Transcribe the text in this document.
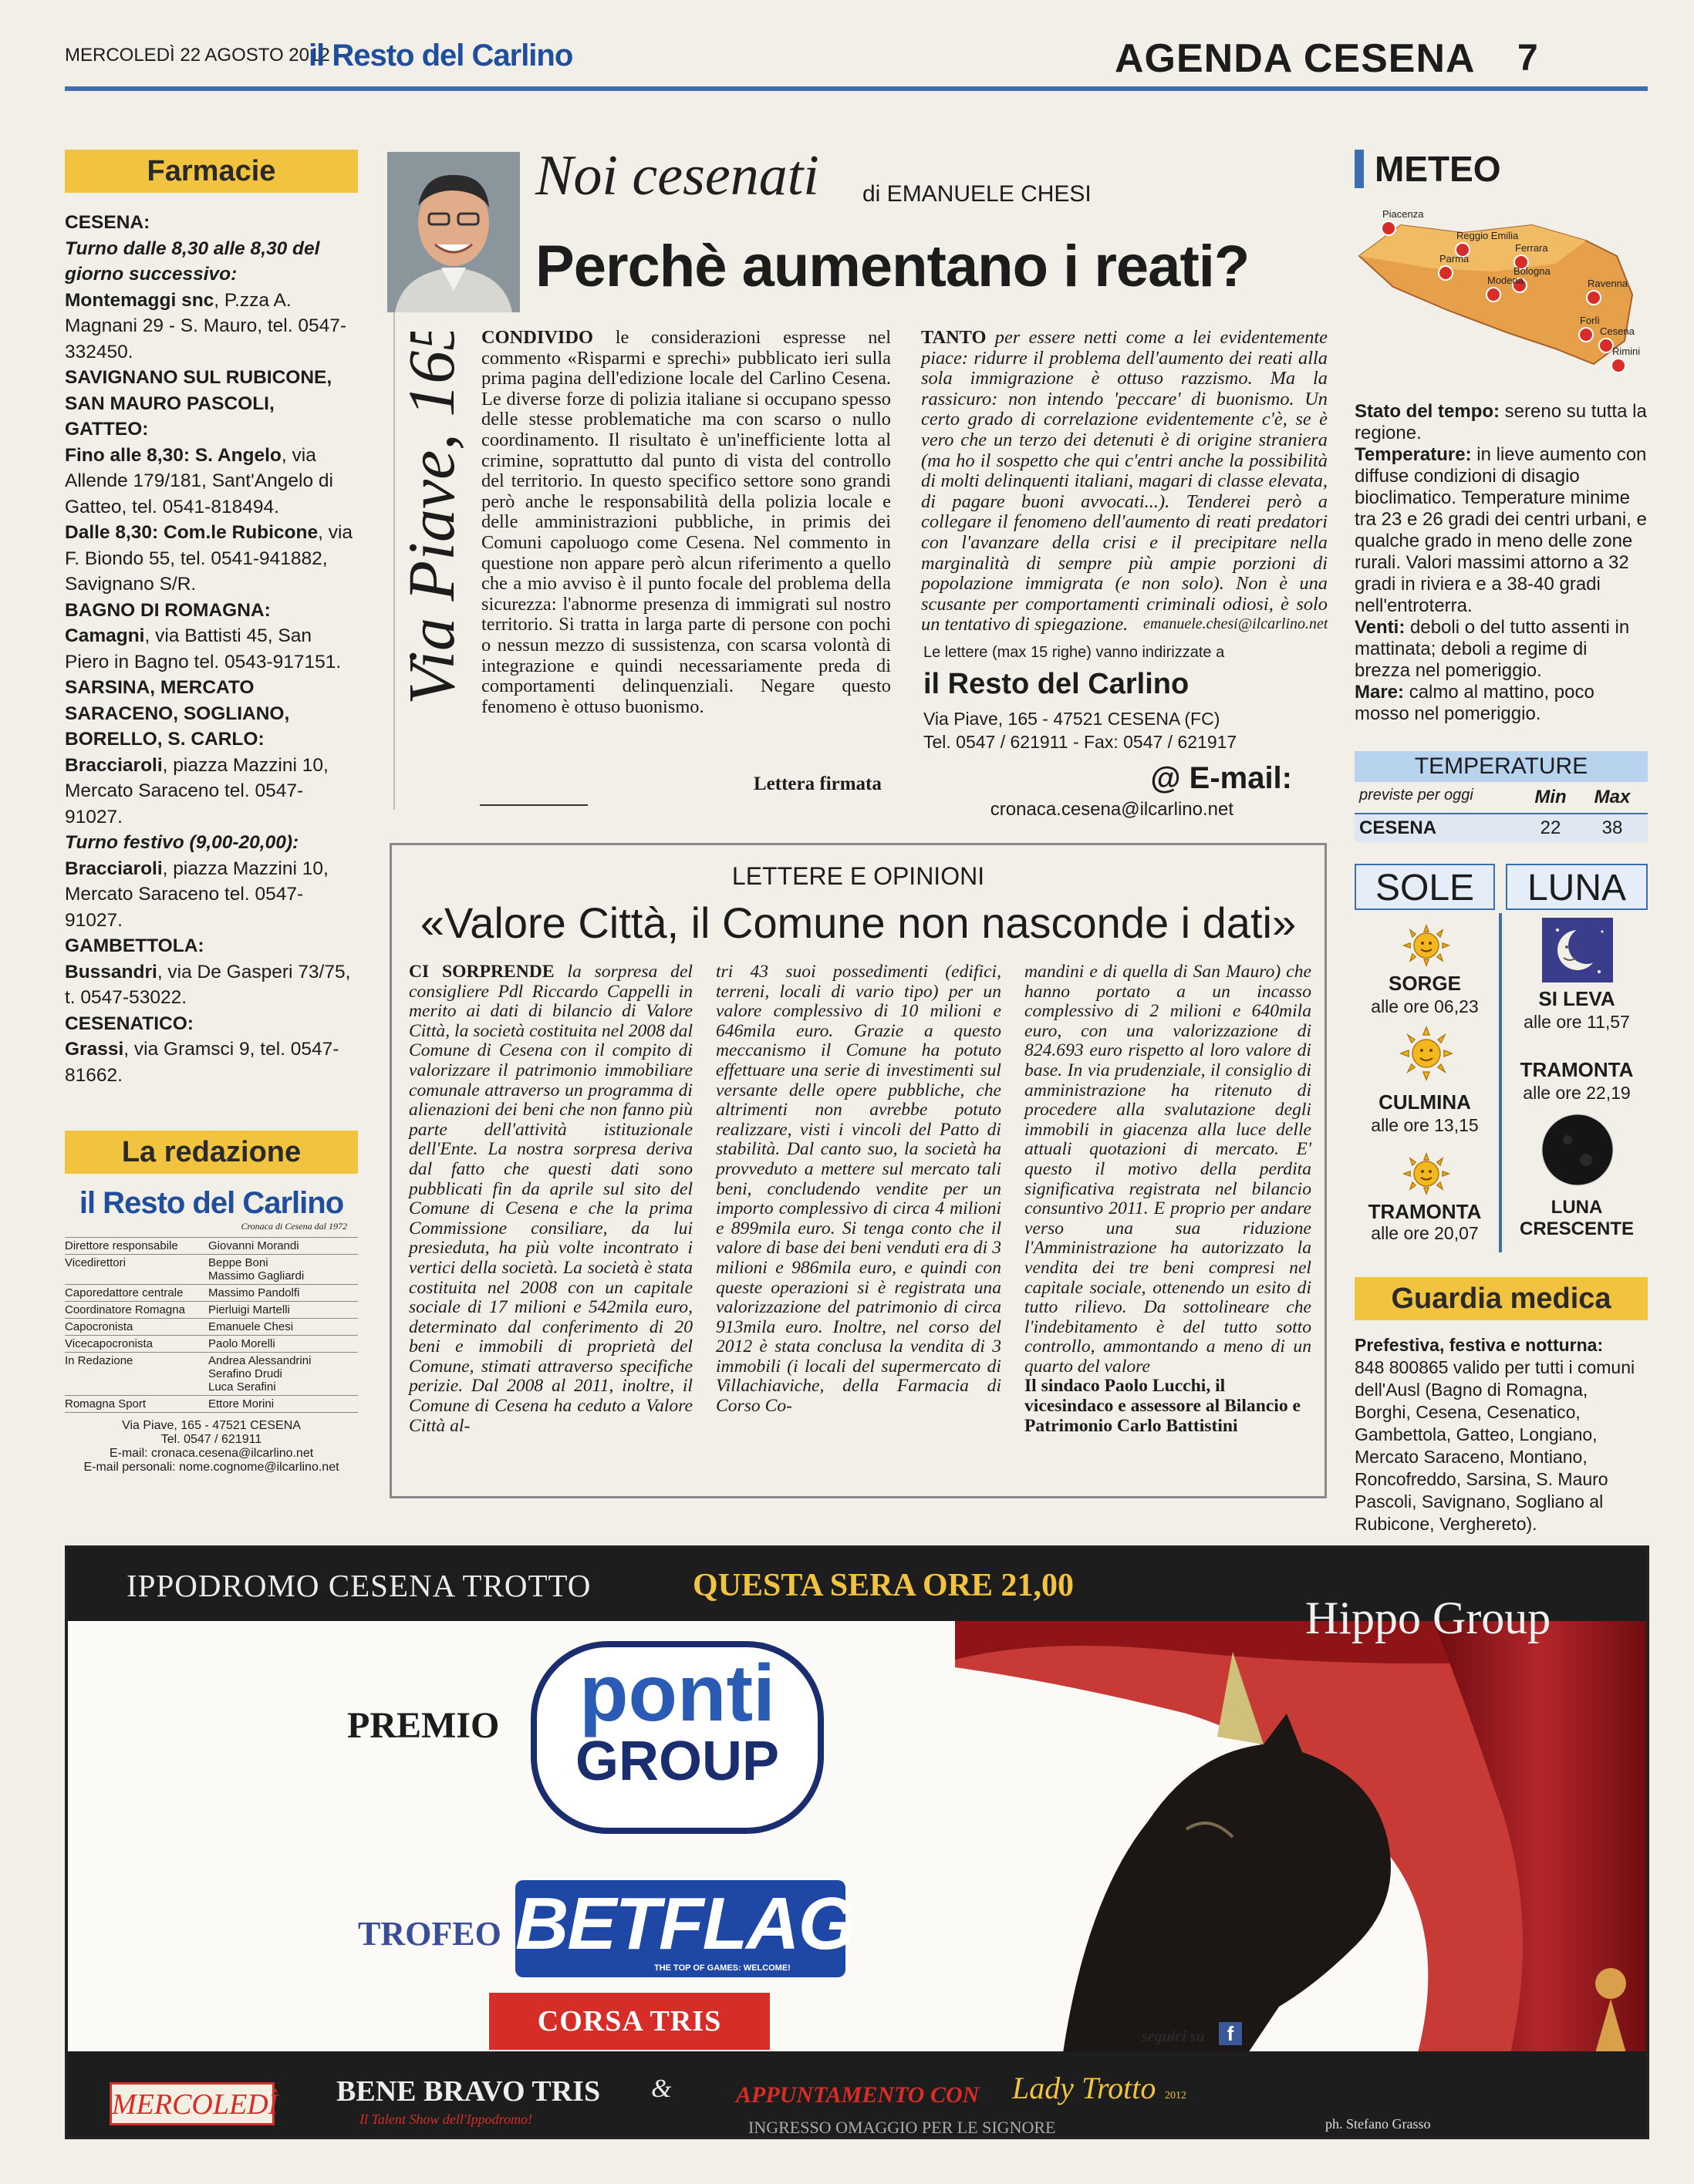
MERCOLEDÌ 22 AGOSTO 2012
il Resto del Carlino	AGENDA CESENA 7
Farmacie
CESENA:
Turno dalle 8,30 alle 8,30 del giorno successivo:
Montemaggi snc, P.zza A. Magnani 29 - S. Mauro, tel. 0547-332450.
SAVIGNANO SUL RUBICONE, SAN MAURO PASCOLI, GATTEO:
Fino alle 8,30: S. Angelo, via Allende 179/181, Sant'Angelo di Gatteo, tel. 0541-818494.
Dalle 8,30: Com.le Rubicone, via F. Biondo 55, tel. 0541-941882, Savignano S/R.
BAGNO DI ROMAGNA:
Camagni, via Battisti 45, San Piero in Bagno tel. 0543-917151.
SARSINA, MERCATO SARACENO, SOGLIANO, BORELLO, S. CARLO:
Bracciaroli, piazza Mazzini 10, Mercato Saraceno tel. 0547-91027.
Turno festivo (9,00-20,00):
Bracciaroli, piazza Mazzini 10, Mercato Saraceno tel. 0547-91027.
GAMBETTOLA:
Bussandri, via De Gasperi 73/75, t. 0547-53022.
CESENATICO:
Grassi, via Gramsci 9, tel. 0547-81662.
La redazione
il Resto del Carlino
Cronaca di Cesena dal 1972
Direttore responsabile	Giovanni Morandi
Vicedirettori	Beppe Boni
Massimo Gagliardi
Caporedattore centrale	Massimo Pandolfi
Coordinatore Romagna	Pierluigi Martelli
Capocronista	Emanuele Chesi
Vicecapocronista	Paolo Morelli
In Redazione	Andrea Alessandrini
Serafino Drudi
Luca Serafini
Romagna Sport	Ettore Morini
Via Piave, 165 - 47521 CESENA
Tel. 0547 / 621911
E-mail: cronaca.cesena@ilcarlino.net
E-mail personali: nome.cognome@ilcarlino.net
Noi cesenati di EMANUELE CHESI
Perchè aumentano i reati?
Via Piave, 165 CONDIVIDO le considerazioni espresse nel commento «Risparmi e sprechi» pubblicato ieri sulla prima pagina dell'edizione locale del Carlino Cesena. Le diverse forze di polizia italiane si occupano spesso delle stesse problematiche ma con scarso o nullo coordinamento. Il risultato è un'inefficiente lotta al crimine, soprattutto dal punto di vista del controllo del territorio. In questo specifico settore sono grandi però anche le responsabilità della polizia locale e delle amministrazioni pubbliche, in primis dei Comuni capoluogo come Cesena. Nel commento in questione non appare però alcun riferimento a quello che a mio avviso è il punto focale del problema della sicurezza: l'abnorme presenza di immigrati sul nostro territorio. Si tratta in larga parte di persone con pochi o nessun mezzo di sussistenza, con scarsa volontà di integrazione e quindi necessariamente preda di comportamenti delinquenziali. Negare questo fenomeno è ottuso buonismo.
Lettera firmata
TANTO per essere netti come a lei evidentemente piace: ridurre il problema dell'aumento dei reati alla sola immigrazione è ottuso razzismo. Ma la rassicuro: non intendo 'peccare' di buonismo. Un certo grado di correlazione evidentemente c'è, se è vero che un terzo dei detenuti è di origine straniera (ma ho il sospetto che qui c'entri anche la possibilità di molti delinquenti italiani, magari di classe elevata, di pagare buoni avvocati...). Tenderei però a collegare il fenomeno dell'aumento di reati predatori con l'avanzare della crisi e il precipitare nella marginalità di sempre più ampie porzioni di popolazione immigrata (e non solo). Non è una scusante per comportamenti criminali odiosi, è solo un tentativo di spiegazione. emanuele.chesi@ilcarlino.net
Le lettere (max 15 righe) vanno indirizzate a
il Resto del Carlino
Via Piave, 165 - 47521 CESENA (FC)
Tel. 0547 / 621911 - Fax: 0547 / 621917
@ E-mail:
cronaca.cesena@ilcarlino.net
LETTERE E OPINIONI
«Valore Città, il Comune non nasconde i dati»
CI SORPRENDE la sorpresa del consigliere Pdl Riccardo Cappelli in merito ai dati di bilancio di Valore Città, la società costituita nel 2008 dal Comune di Cesena con il compito di valorizzare il patrimonio immobiliare comunale attraverso un programma di alienazioni dei beni che non fanno più parte dell'attività istituzionale dell'Ente. La nostra sorpresa deriva dal fatto che questi dati sono pubblicati fin da aprile sul sito del Comune di Cesena e che la prima Commissione consiliare, da lui presieduta, ha più volte incontrato i vertici della società. La società è stata costituita nel 2008 con un capitale sociale di 17 milioni e 542mila euro, determinato dal conferimento di 20 beni e immobili di proprietà del Comune, stimati attraverso specifiche perizie. Dal 2008 al 2011, inoltre, il Comune di Cesena ha ceduto a Valore Città al-
tri 43 suoi possedimenti (edifici, terreni, locali di vario tipo) per un valore complessivo di 10 milioni e 646mila euro. Grazie a questo meccanismo il Comune ha potuto effettuare una serie di investimenti sul versante delle opere pubbliche, che altrimenti non avrebbe potuto realizzare, visti i vincoli del Patto di stabilità. Dal canto suo, la società ha provveduto a mettere sul mercato tali beni, concludendo vendite per un importo complessivo di circa 4 milioni e 899mila euro. Si tenga conto che il valore di base dei beni venduti era di 3 milioni e 986mila euro, e quindi con queste operazioni si è registrata una valorizzazione del patrimonio di circa 913mila euro. Inoltre, nel corso del 2012 è stata conclusa la vendita di 3 immobili (i locali del supermercato di Villachiaviche, della Farmacia di Corso Co-
mandini e di quella di San Mauro) che hanno portato a un incasso complessivo di 2 milioni e 640mila euro, con una valorizzazione di 824.693 euro rispetto al loro valore di base. In via prudenziale, il consiglio di amministrazione ha ritenuto di procedere alla svalutazione degli immobili in giacenza alla luce delle attuali quotazioni di mercato. E' questo il motivo della perdita significativa registrata nel bilancio consuntivo 2011. E proprio per andare verso una sua riduzione l'Amministrazione ha autorizzato la vendita dei tre beni compresi nel capitale sociale, ottenendo un esito di tutto rilievo. Da sottolineare che l'indebitamento è del tutto sotto controllo, ammontando a meno di un quarto del valore
Il sindaco Paolo Lucchi, il vicesindaco e assessore al Bilancio e Patrimonio Carlo Battistini
METEO
Piacenza
Reggio Emilia
Parma
Ferrara
Bologna
Modena	Ravenna
Forlì
Cesena
Rimini
Stato del tempo: sereno su tutta la regione.
Temperature: in lieve aumento con diffuse condizioni di disagio bioclimatico. Temperature minime tra 23 e 26 gradi dei centri urbani, e qualche grado in meno delle zone rurali. Valori massimi attorno a 32 gradi in riviera e a 38-40 gradi nell'entroterra.
Venti: deboli o del tutto assenti in mattinata; deboli a regime di brezza nel pomeriggio.
Mare: calmo al mattino, poco mosso nel pomeriggio.
TEMPERATURE
previste per oggi	Min	Max
CESENA	22	38
SOLE	LUNA
SORGE
alle ore 06,23
CULMINA
alle ore 13,15
TRAMONTA
alle ore 20,07
SI LEVA
alle ore 11,57
TRAMONTA
alle ore 22,19
LUNA CRESCENTE
Guardia medica
Prefestiva, festiva e notturna:
848 800865 valido per tutti i comuni dell'Ausl (Bagno di Romagna, Borghi, Cesena, Cesenatico, Gambettola, Gatteo, Longiano, Mercato Saraceno, Montiano, Roncofreddo, Sarsina, S. Mauro Pascoli, Savignano, Sogliano al Rubicone, Verghereto).
IPPODROMO CESENA TROTTO	QUESTA SERA ORE 21,00
Hippo Group
PREMIO ponti
GROUP
TROFEO BETFLAG
THE TOP OF GAMES: WELCOME!
CORSA TRIS	seguici su	f
MERCOLEDÌ BENE BRAVO TRIS
Il Talent Show dell'Ippodromo!
&	APPUNTAMENTO CON Lady Trotto 2012
INGRESSO OMAGGIO PER LE SIGNORE	ph. Stefano Grasso
